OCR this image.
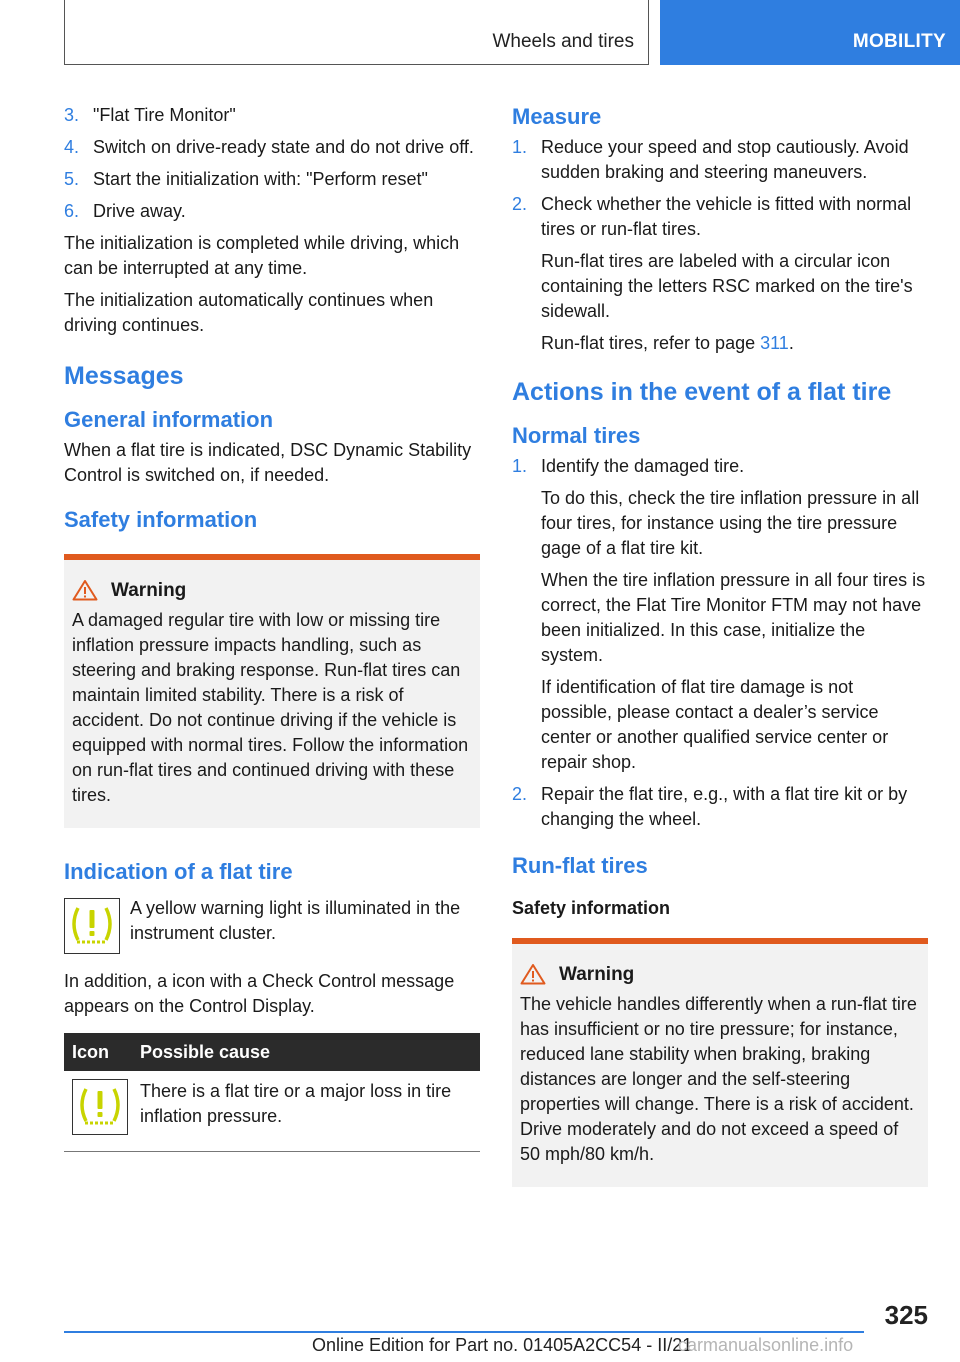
Wheels and tires	MOBILITY
3. "Flat Tire Monitor"
4. Switch on drive-ready state and do not drive off.
5. Start the initialization with: "Perform reset"
6. Drive away.

The initialization is completed while driving, which can be interrupted at any time.

The initialization automatically continues when driving continues.

Messages
General information

When a flat tire is indicated, DSC Dynamic Stability Control is switched on, if needed.

Safety information
Warning

A damaged regular tire with low or missing tire inflation pressure impacts handling, such as steering and braking response. Run-flat tires can maintain limited stability. There is a risk of accident. Do not continue driving if the vehicle is equipped with normal tires. Follow the information on run-flat tires and continued driving with these tires.

Indication of a flat tire
A yellow warning light is illuminated in the instrument cluster.

In addition, a icon with a Check Control message appears on the Control Display.

Icon	Possible cause

	There is a flat tire or a major loss in tire inflation pressure.
Measure
1. Reduce your speed and stop cautiously. Avoid sudden braking and steering maneuvers.
2. Check whether the vehicle is fitted with normal tires or run-flat tires.

Run-flat tires are labeled with a circular icon containing the letters RSC marked on the tire's sidewall.

Run-flat tires, refer to page 311.

Actions in the event of a flat tire
Normal tires
1. Identify the damaged tire.

To do this, check the tire inflation pressure in all four tires, for instance using the tire pressure gage of a flat tire kit.

When the tire inflation pressure in all four tires is correct, the Flat Tire Monitor FTM may not have been initialized. In this case, initialize the system.

If identification of flat tire damage is not possible, please contact a dealer’s service center or another qualified service center or repair shop.

2. Repair the flat tire, e.g., with a flat tire kit or by changing the wheel.
Run-flat tires
Safety information
Warning

The vehicle handles differently when a run-flat tire has insufficient or no tire pressure; for instance, reduced lane stability when braking, braking distances are longer and the self-steering properties will change. There is a risk of accident. Drive moderately and do not exceed a speed of 50 mph/80 km/h.

325
Online Edition for Part no. 01405A2CC54 - II/21
carmanualsonline.info
